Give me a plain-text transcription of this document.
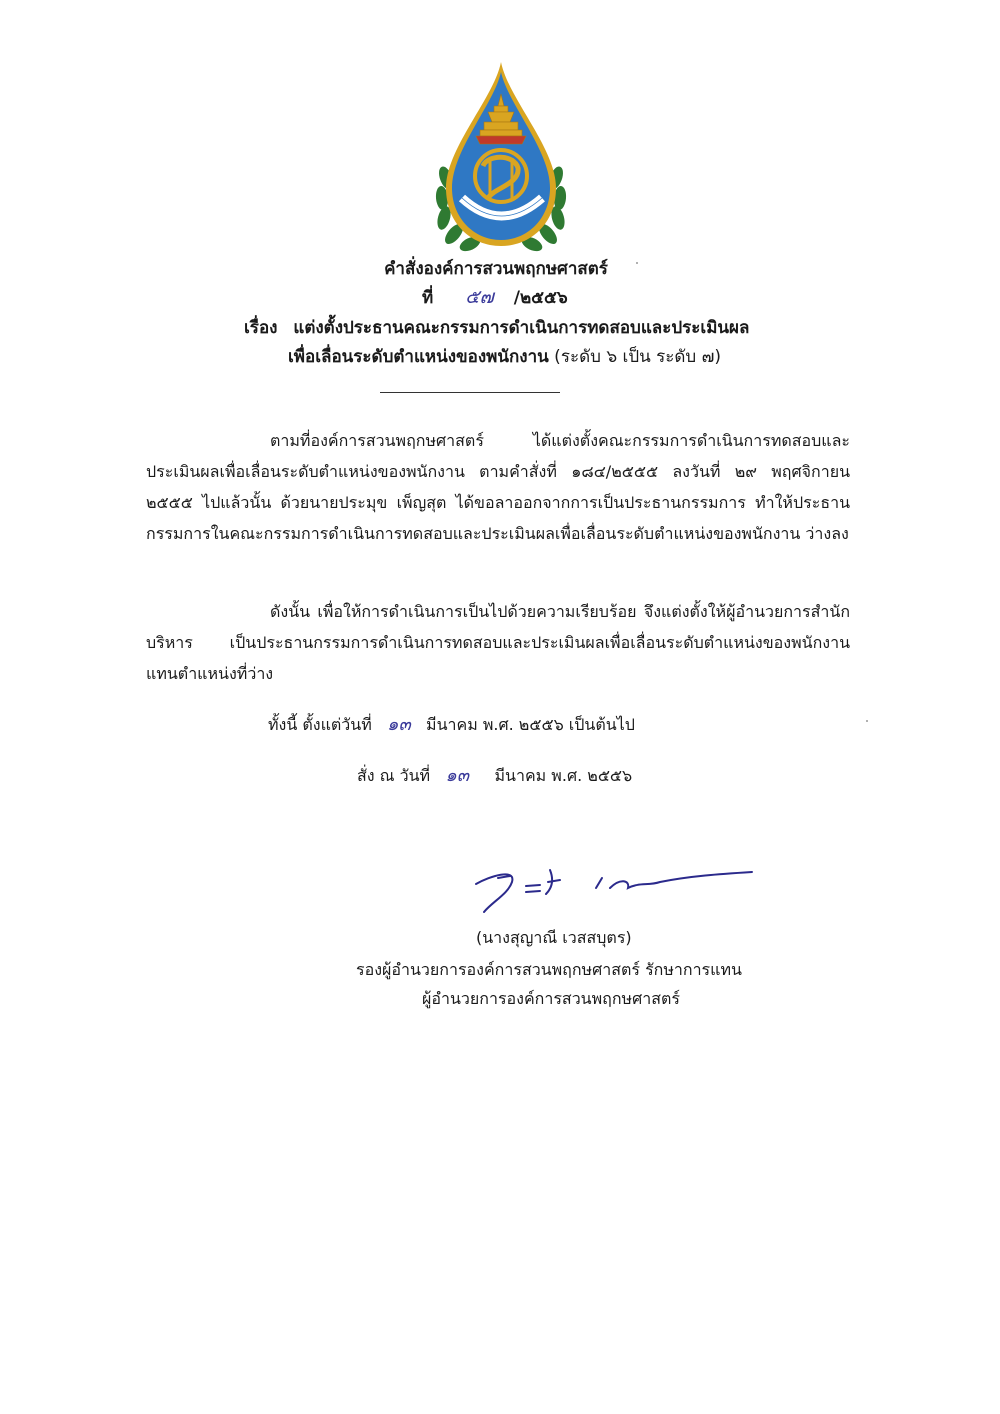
คำสั่งองค์การสวนพฤกษศาสตร์
ที่ ๕๗ /๒๕๕๖
เรื่อง แต่งตั้งประธานคณะกรรมการดำเนินการทดสอบและประเมินผล
เพื่อเลื่อนระดับตำแหน่งของพนักงาน (ระดับ ๖ เป็น ระดับ ๗)
ตามที่องค์การสวนพฤกษศาสตร์ ได้แต่งตั้งคณะกรรมการดำเนินการทดสอบและประเมินผลเพื่อเลื่อนระดับตำแหน่งของพนักงาน ตามคำสั่งที่ ๑๘๔/๒๕๕๕ ลงวันที่ ๒๙ พฤศจิกายน ๒๕๕๕ ไปแล้วนั้น ด้วยนายประมุข เพ็ญสุต ได้ขอลาออกจากการเป็นประธานกรรมการ ทำให้ประธานกรรมการในคณะกรรมการดำเนินการทดสอบและประเมินผลเพื่อเลื่อนระดับตำแหน่งของพนักงาน ว่างลง
ดังนั้น เพื่อให้การดำเนินการเป็นไปด้วยความเรียบร้อย จึงแต่งตั้งให้ผู้อำนวยการสำนักบริหาร เป็นประธานกรรมการดำเนินการทดสอบและประเมินผลเพื่อเลื่อนระดับตำแหน่งของพนักงาน แทนตำแหน่งที่ว่าง
ทั้งนี้ ตั้งแต่วันที่ ๑๓ มีนาคม พ.ศ. ๒๕๕๖ เป็นต้นไป
สั่ง ณ วันที่ ๑๓ มีนาคม พ.ศ. ๒๕๕๖
(นางสุญาณี เวสสบุตร)
รองผู้อำนวยการองค์การสวนพฤกษศาสตร์ รักษาการแทน
ผู้อำนวยการองค์การสวนพฤกษศาสตร์
